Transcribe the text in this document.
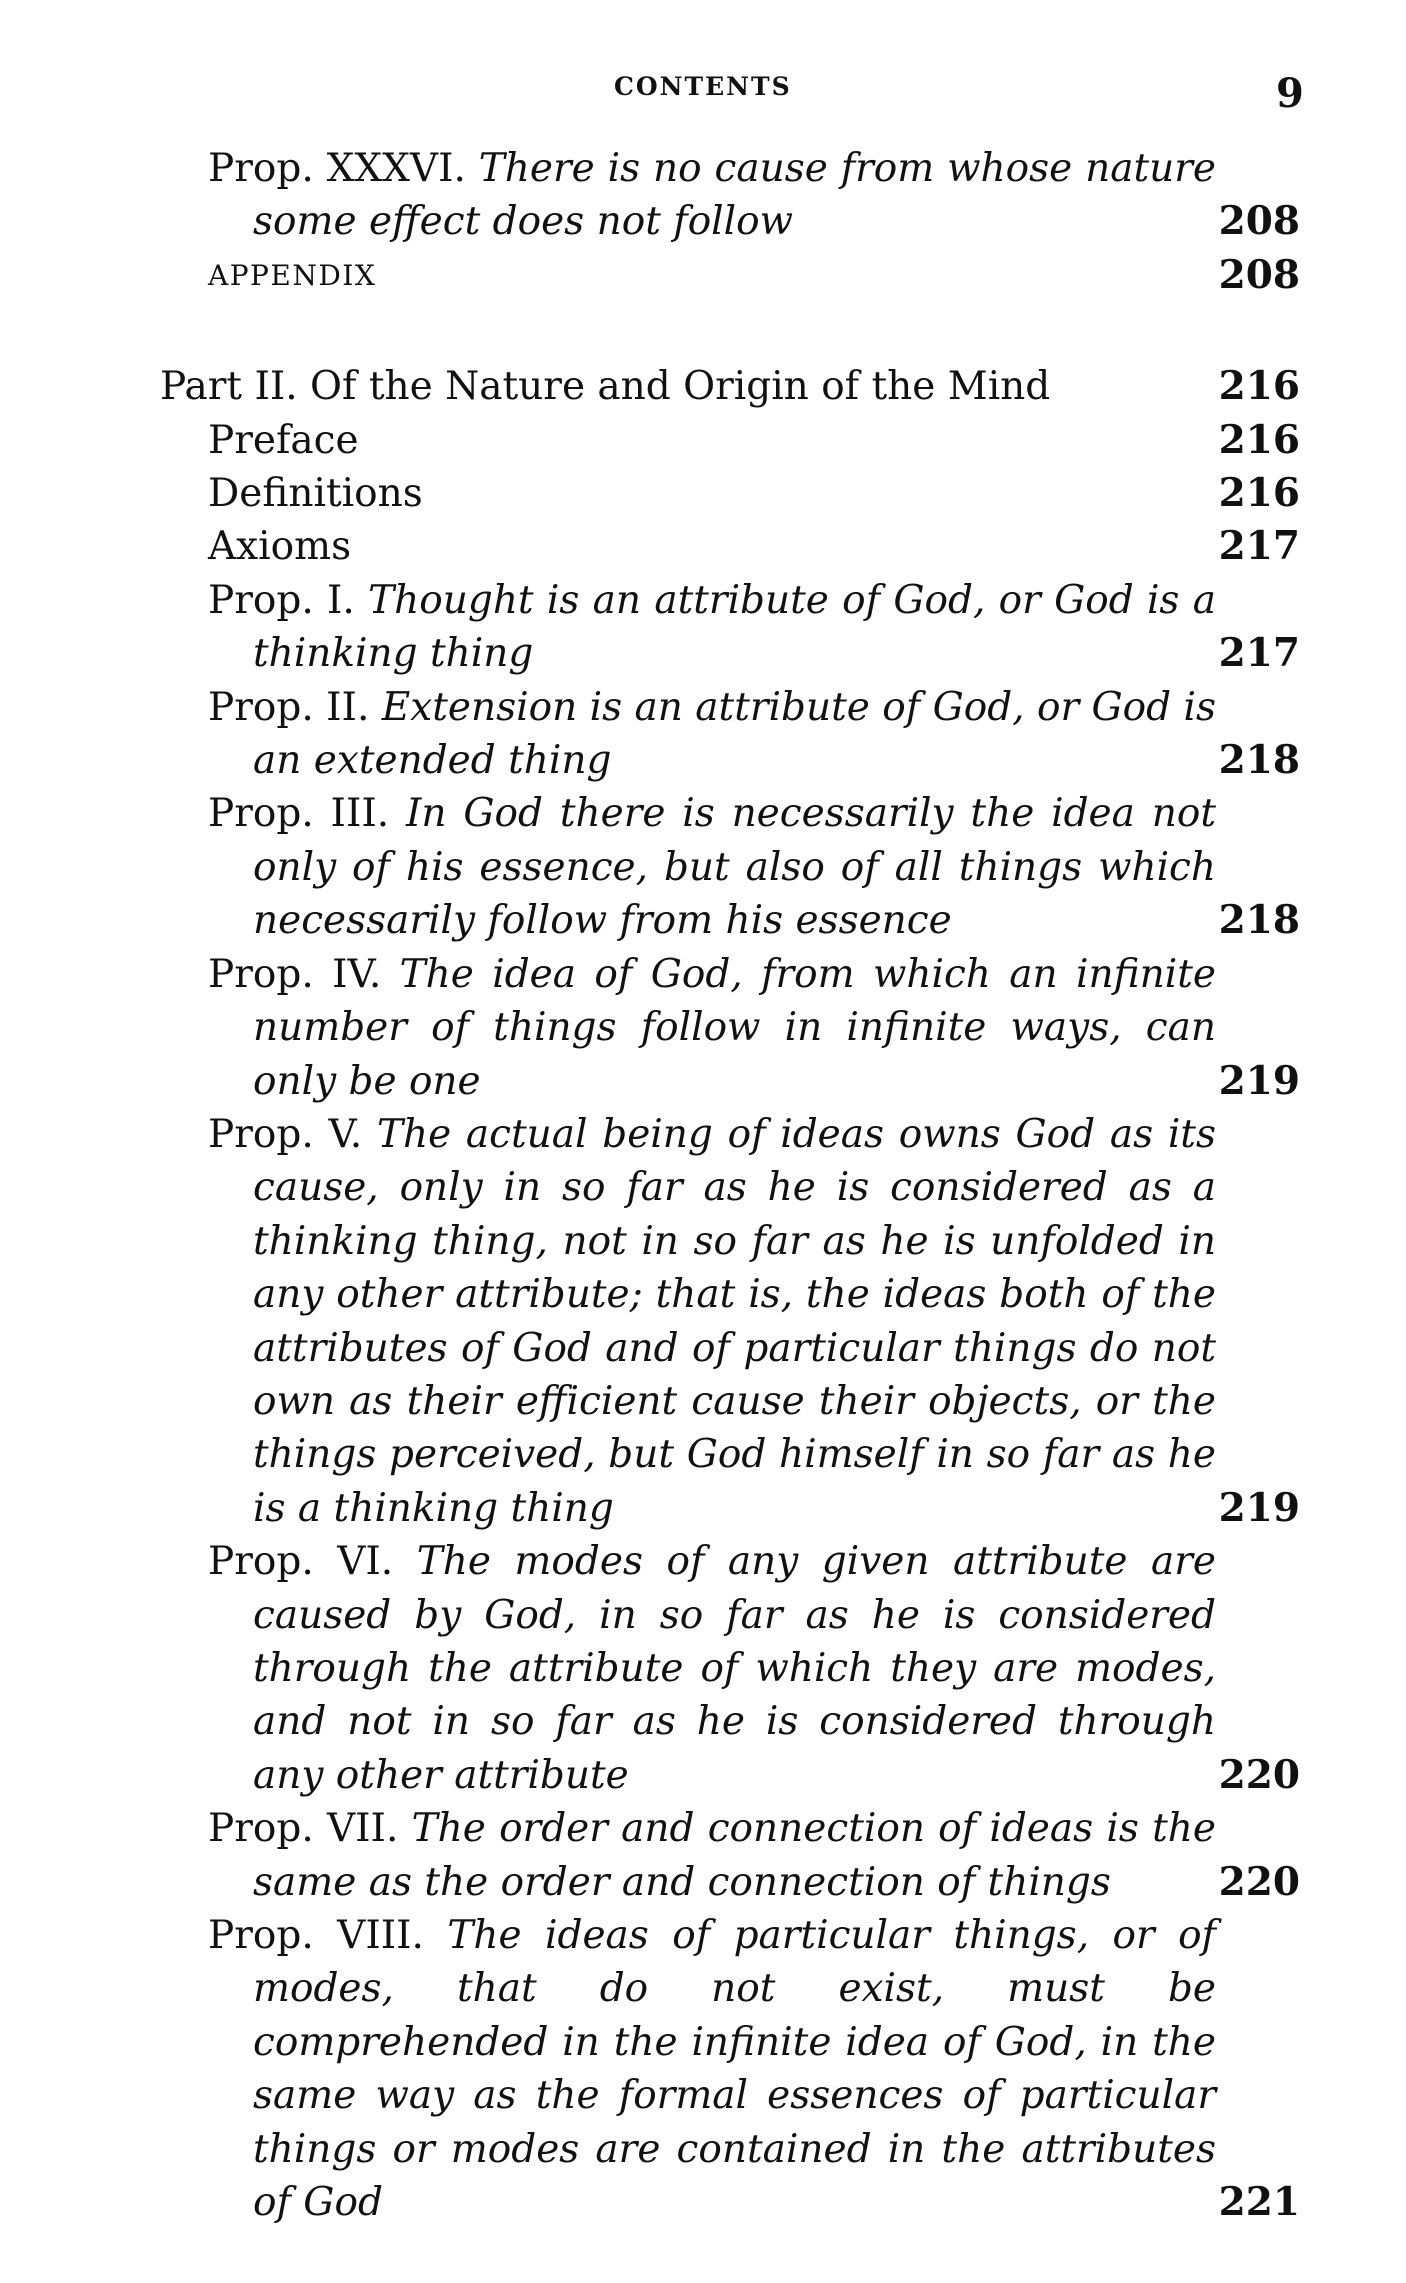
CONTENTS	9
Prop. XXXVI. There is no cause from whose nature some effect does not follow	208
APPENDIX	208
Part II. Of the Nature and Origin of the Mind	216
Preface	216
Definitions	216
Axioms	217
Prop. I. Thought is an attribute of God, or God is a thinking thing	217
Prop. II. Extension is an attribute of God, or God is an extended thing	218
Prop. III. In God there is necessarily the idea not only of his essence, but also of all things which necessarily follow from his essence	218
Prop. IV. The idea of God, from which an infinite number of things follow in infinite ways, can only be one	219
Prop. V. The actual being of ideas owns God as its cause, only in so far as he is considered as a thinking thing, not in so far as he is unfolded in any other attribute; that is, the ideas both of the attributes of God and of particular things do not own as their efficient cause their objects, or the things perceived, but God himself in so far as he is a thinking thing	219
Prop. VI. The modes of any given attribute are caused by God, in so far as he is considered through the attribute of which they are modes, and not in so far as he is considered through any other attribute	220
Prop. VII. The order and connection of ideas is the same as the order and connection of things	220
Prop. VIII. The ideas of particular things, or of modes, that do not exist, must be comprehended in the infinite idea of God, in the same way as the formal essences of particular things or modes are contained in the attributes of God	221
